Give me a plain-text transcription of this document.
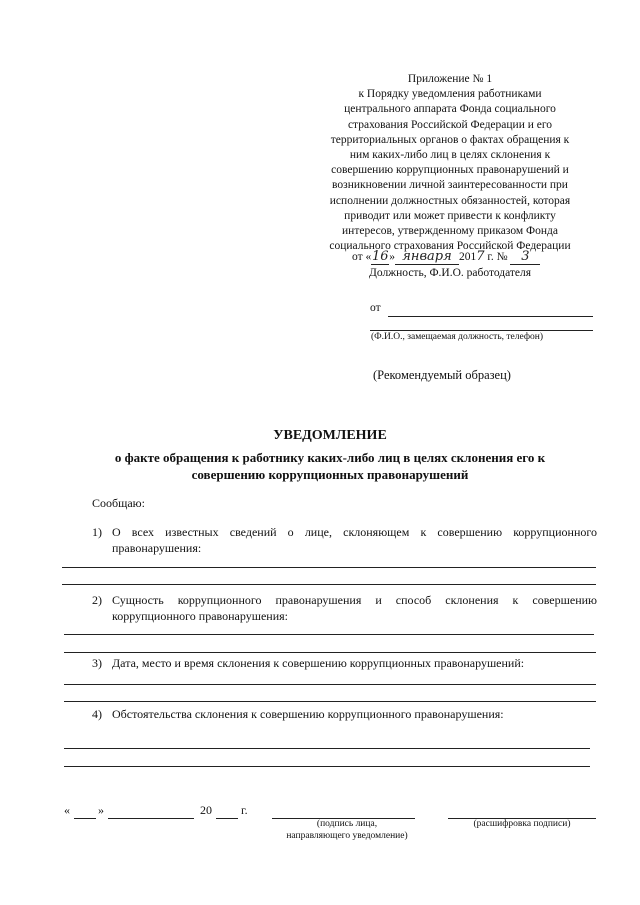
Приложение № 1
к Порядку уведомления работниками
центрального аппарата Фонда социального
страхования Российской Федерации и его
территориальных органов о фактах обращения к
ним каких-либо лиц в целях склонения к
совершению коррупционных правонарушений и
возникновении личной заинтересованности при
исполнении должностных обязанностей, которая
приводит или может привести к конфликту
интересов, утвержденному приказом Фонда
социального страхования Российской Федерации
от «16» января 2017 г. № 3
Должность, Ф.И.О. работодателя
от
(Ф.И.О., замещаемая должность, телефон)
(Рекомендуемый образец)
УВЕДОМЛЕНИЕ
о факте обращения к работнику каких-либо лиц в целях склонения его к
совершению коррупционных правонарушений
Сообщаю:
1) О всех известных сведений о лице, склоняющем к совершению коррупционного правонарушения:
2) Сущность коррупционного правонарушения и способ склонения к совершению коррупционного правонарушения:
3) Дата, место и время склонения к совершению коррупционных правонарушений:
4) Обстоятельства склонения к совершению коррупционного правонарушения:
« »	20 г.
(подпись лица,
направляющего уведомление)
(расшифровка подписи)
